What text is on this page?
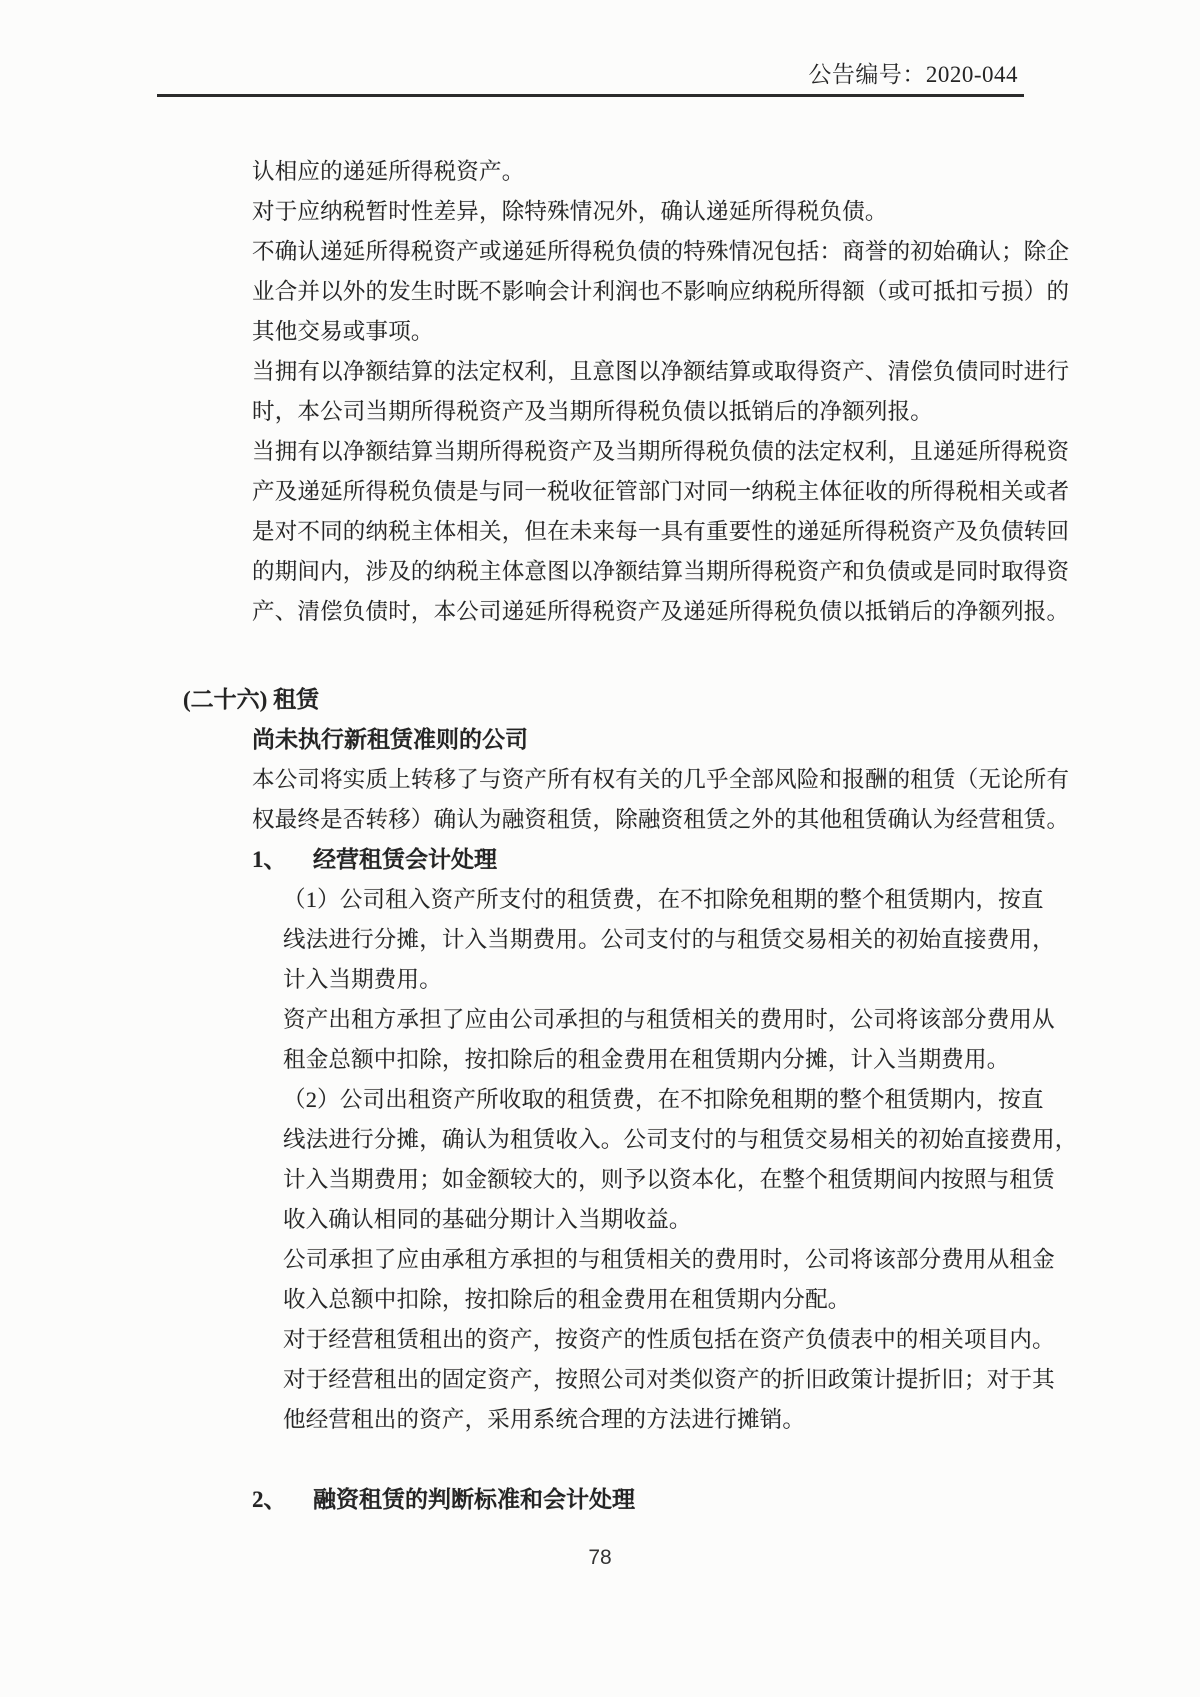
公告编号：2020-044
认相应的递延所得税资产。
对于应纳税暂时性差异，除特殊情况外，确认递延所得税负债。
不确认递延所得税资产或递延所得税负债的特殊情况包括：商誉的初始确认；除企
业合并以外的发生时既不影响会计利润也不影响应纳税所得额（或可抵扣亏损）的
其他交易或事项。
当拥有以净额结算的法定权利，且意图以净额结算或取得资产、清偿负债同时进行
时，本公司当期所得税资产及当期所得税负债以抵销后的净额列报。
当拥有以净额结算当期所得税资产及当期所得税负债的法定权利，且递延所得税资
产及递延所得税负债是与同一税收征管部门对同一纳税主体征收的所得税相关或者
是对不同的纳税主体相关，但在未来每一具有重要性的递延所得税资产及负债转回
的期间内，涉及的纳税主体意图以净额结算当期所得税资产和负债或是同时取得资
产、清偿负债时，本公司递延所得税资产及递延所得税负债以抵销后的净额列报。
(二十六) 租赁
尚未执行新租赁准则的公司
本公司将实质上转移了与资产所有权有关的几乎全部风险和报酬的租赁（无论所有
权最终是否转移）确认为融资租赁，除融资租赁之外的其他租赁确认为经营租赁。
1、 经营租赁会计处理
（1）公司租入资产所支付的租赁费，在不扣除免租期的整个租赁期内，按直
线法进行分摊，计入当期费用。公司支付的与租赁交易相关的初始直接费用，
计入当期费用。
资产出租方承担了应由公司承担的与租赁相关的费用时，公司将该部分费用从
租金总额中扣除，按扣除后的租金费用在租赁期内分摊，计入当期费用。
（2）公司出租资产所收取的租赁费，在不扣除免租期的整个租赁期内，按直
线法进行分摊，确认为租赁收入。公司支付的与租赁交易相关的初始直接费用，
计入当期费用；如金额较大的，则予以资本化，在整个租赁期间内按照与租赁
收入确认相同的基础分期计入当期收益。
公司承担了应由承租方承担的与租赁相关的费用时，公司将该部分费用从租金
收入总额中扣除，按扣除后的租金费用在租赁期内分配。
对于经营租赁租出的资产，按资产的性质包括在资产负债表中的相关项目内。
对于经营租出的固定资产，按照公司对类似资产的折旧政策计提折旧；对于其
他经营租出的资产，采用系统合理的方法进行摊销。
2、 融资租赁的判断标准和会计处理
78
